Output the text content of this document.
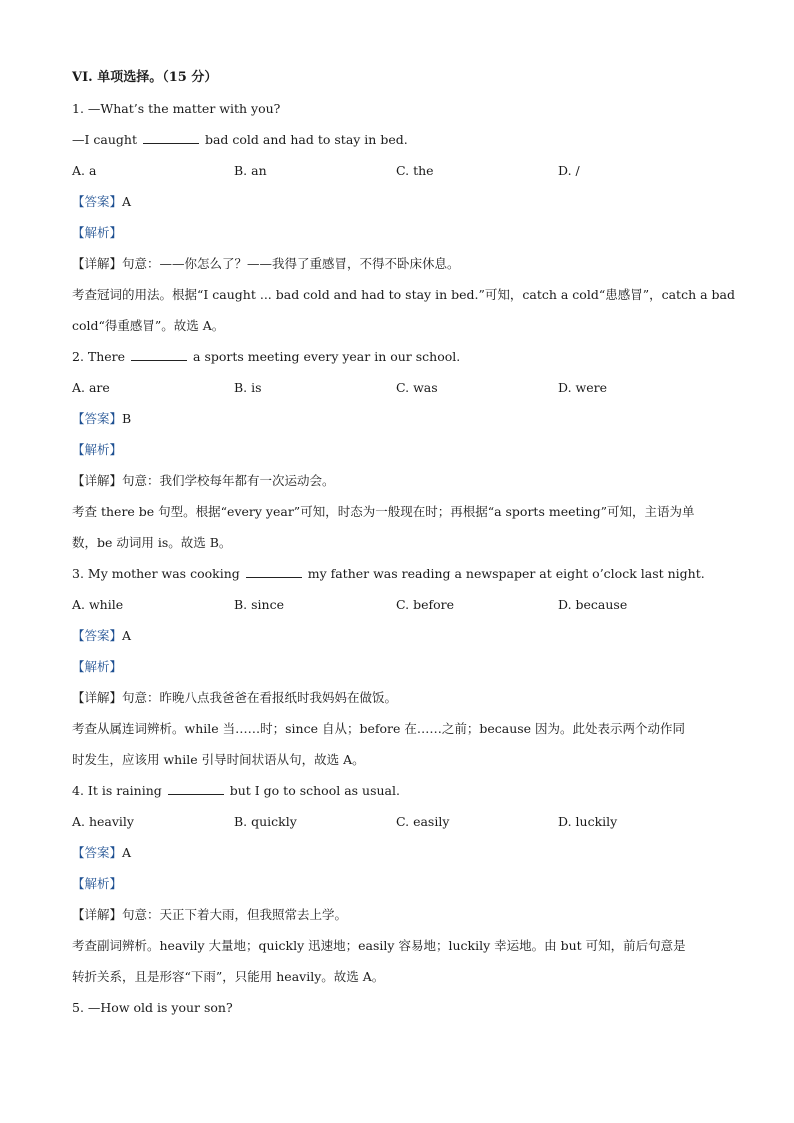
VI. 单项选择。（15 分）
1. —What’s the matter with you?
—I caught	bad cold and had to stay in bed.
A. a	B. an	C. the	D. /
【答案】A
【解析】
【详解】句意：——你怎么了？——我得了重感冒，不得不卧床休息。
考查冠词的用法。根据“I caught ... bad cold and had to stay in bed.”可知，catch a cold“患感冒”，catch a bad
cold“得重感冒”。故选 A。
2. There	a sports meeting every year in our school.
A. are	B. is	C. was	D. were
【答案】B
【解析】
【详解】句意：我们学校每年都有一次运动会。
考查 there be 句型。根据“every year”可知，时态为一般现在时；再根据“a sports meeting”可知，主语为单
数，be 动词用 is。故选 B。
3. My mother was cooking	my father was reading a newspaper at eight o’clock last night.
A. while	B. since	C. before	D. because
【答案】A
【解析】
【详解】句意：昨晚八点我爸爸在看报纸时我妈妈在做饭。
考查从属连词辨析。while 当……时；since 自从；before 在……之前；because 因为。此处表示两个动作同
时发生，应该用 while 引导时间状语从句，故选 A。
4. It is raining	but I go to school as usual.
A. heavily	B. quickly	C. easily	D. luckily
【答案】A
【解析】
【详解】句意：天正下着大雨，但我照常去上学。
考查副词辨析。heavily 大量地；quickly 迅速地；easily 容易地；luckily 幸运地。由 but 可知，前后句意是
转折关系，且是形容“下雨”，只能用 heavily。故选 A。
5. —How old is your son?
